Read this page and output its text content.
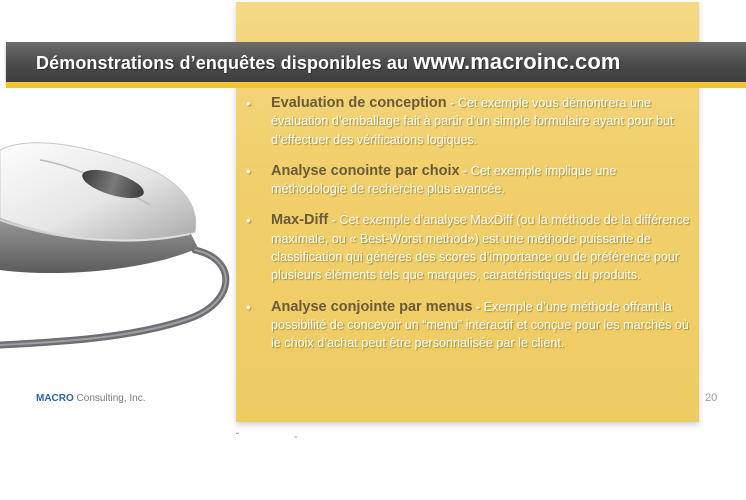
Démonstrations d’enquêtes disponibles au www.macroinc.com
• Evaluation de conception - Cet exemple vous démontrera une évaluation d’emballage fait à partir d’un simple formulaire ayant pour but d’effectuer des vérifications logiques.
• Analyse conointe par choix - Cet exemple implique une méthodologie de recherche plus avancée.
• Max-Diff - Cet exemple d’analyse MaxDiff (ou la méthode de la différence maximale, ou « Best-Worst method») est une méthode puissante de classification qui génères des scores d’importance ou de préférence pour plusieurs éléments tels que marques, caractéristiques du produits.
• Analyse conjointe par menus - Exemple d’une méthode offrant la possibilité de concevoir un “menu” interactif et conçue pour les marchés où le choix d’achat peut être personnalisée par le client.
MACRO Consulting, Inc.	20
˘ -
